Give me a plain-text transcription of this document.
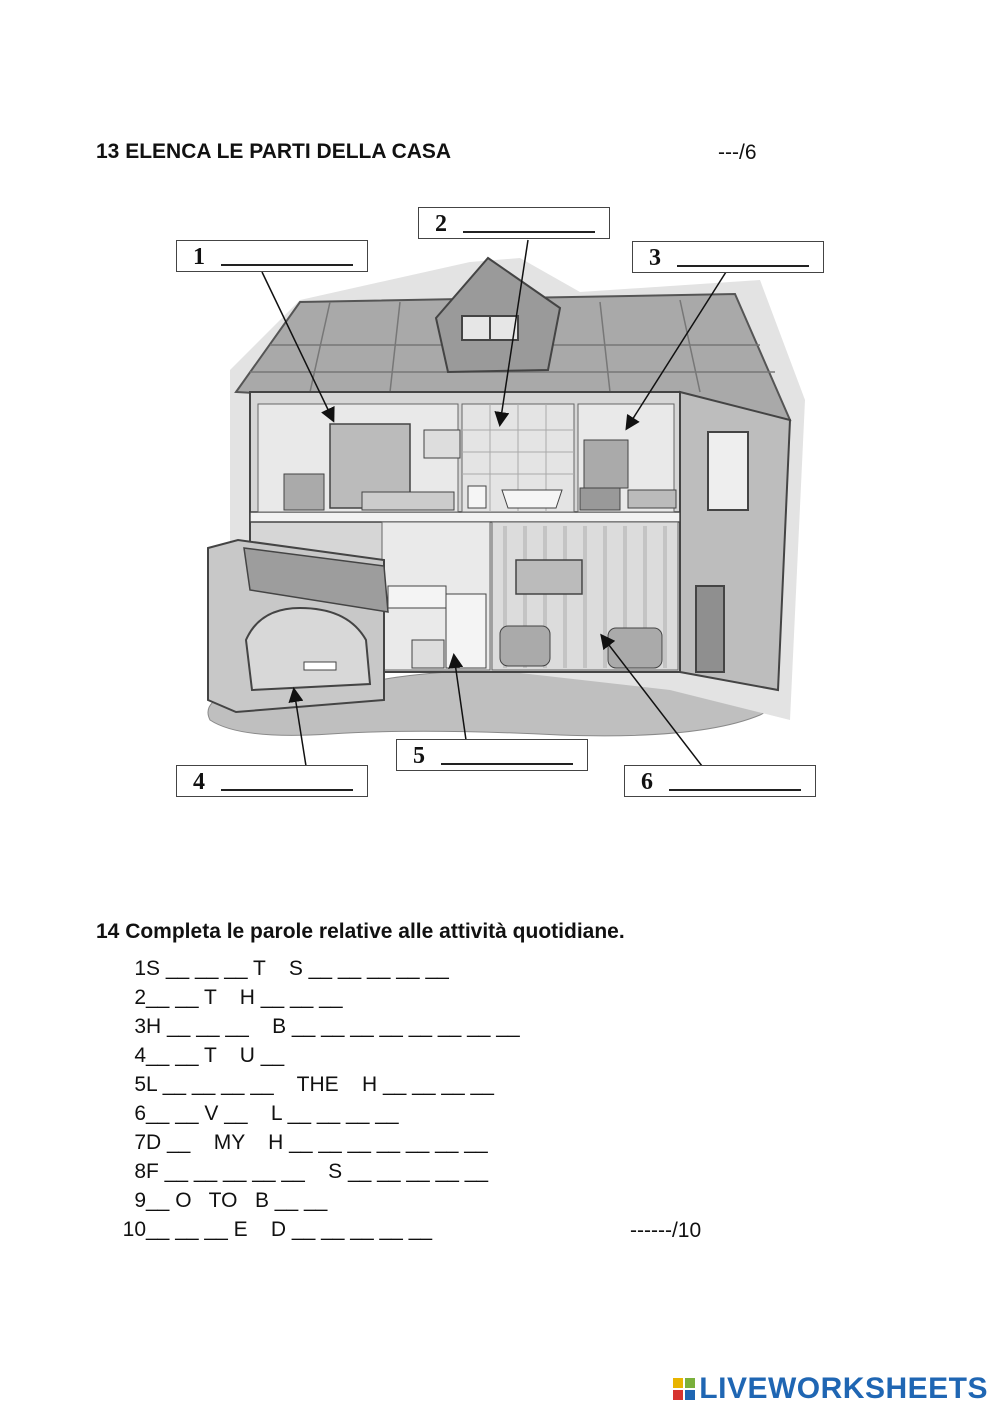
13 ELENCA LE PARTI DELLA CASA	---/6
1
2
3
4
5
6
14 Completa le parole relative alle attività quotidiane.
1S __ __ __ T    S __ __ __ __ __
2__ __ T    H __ __ __
3H __ __ __    B __ __ __ __ __ __ __ __
4__ __ T    U __
5L __ __ __ __    THE    H __ __ __ __
6__ __ V __    L __ __ __ __
7D __    MY    H __ __ __ __ __ __ __
8F __ __ __ __ __    S __ __ __ __ __
9__ O   TO   B __ __
10__ __ __ E    D __ __ __ __ __	------/10
LIVEWORKSHEETS
